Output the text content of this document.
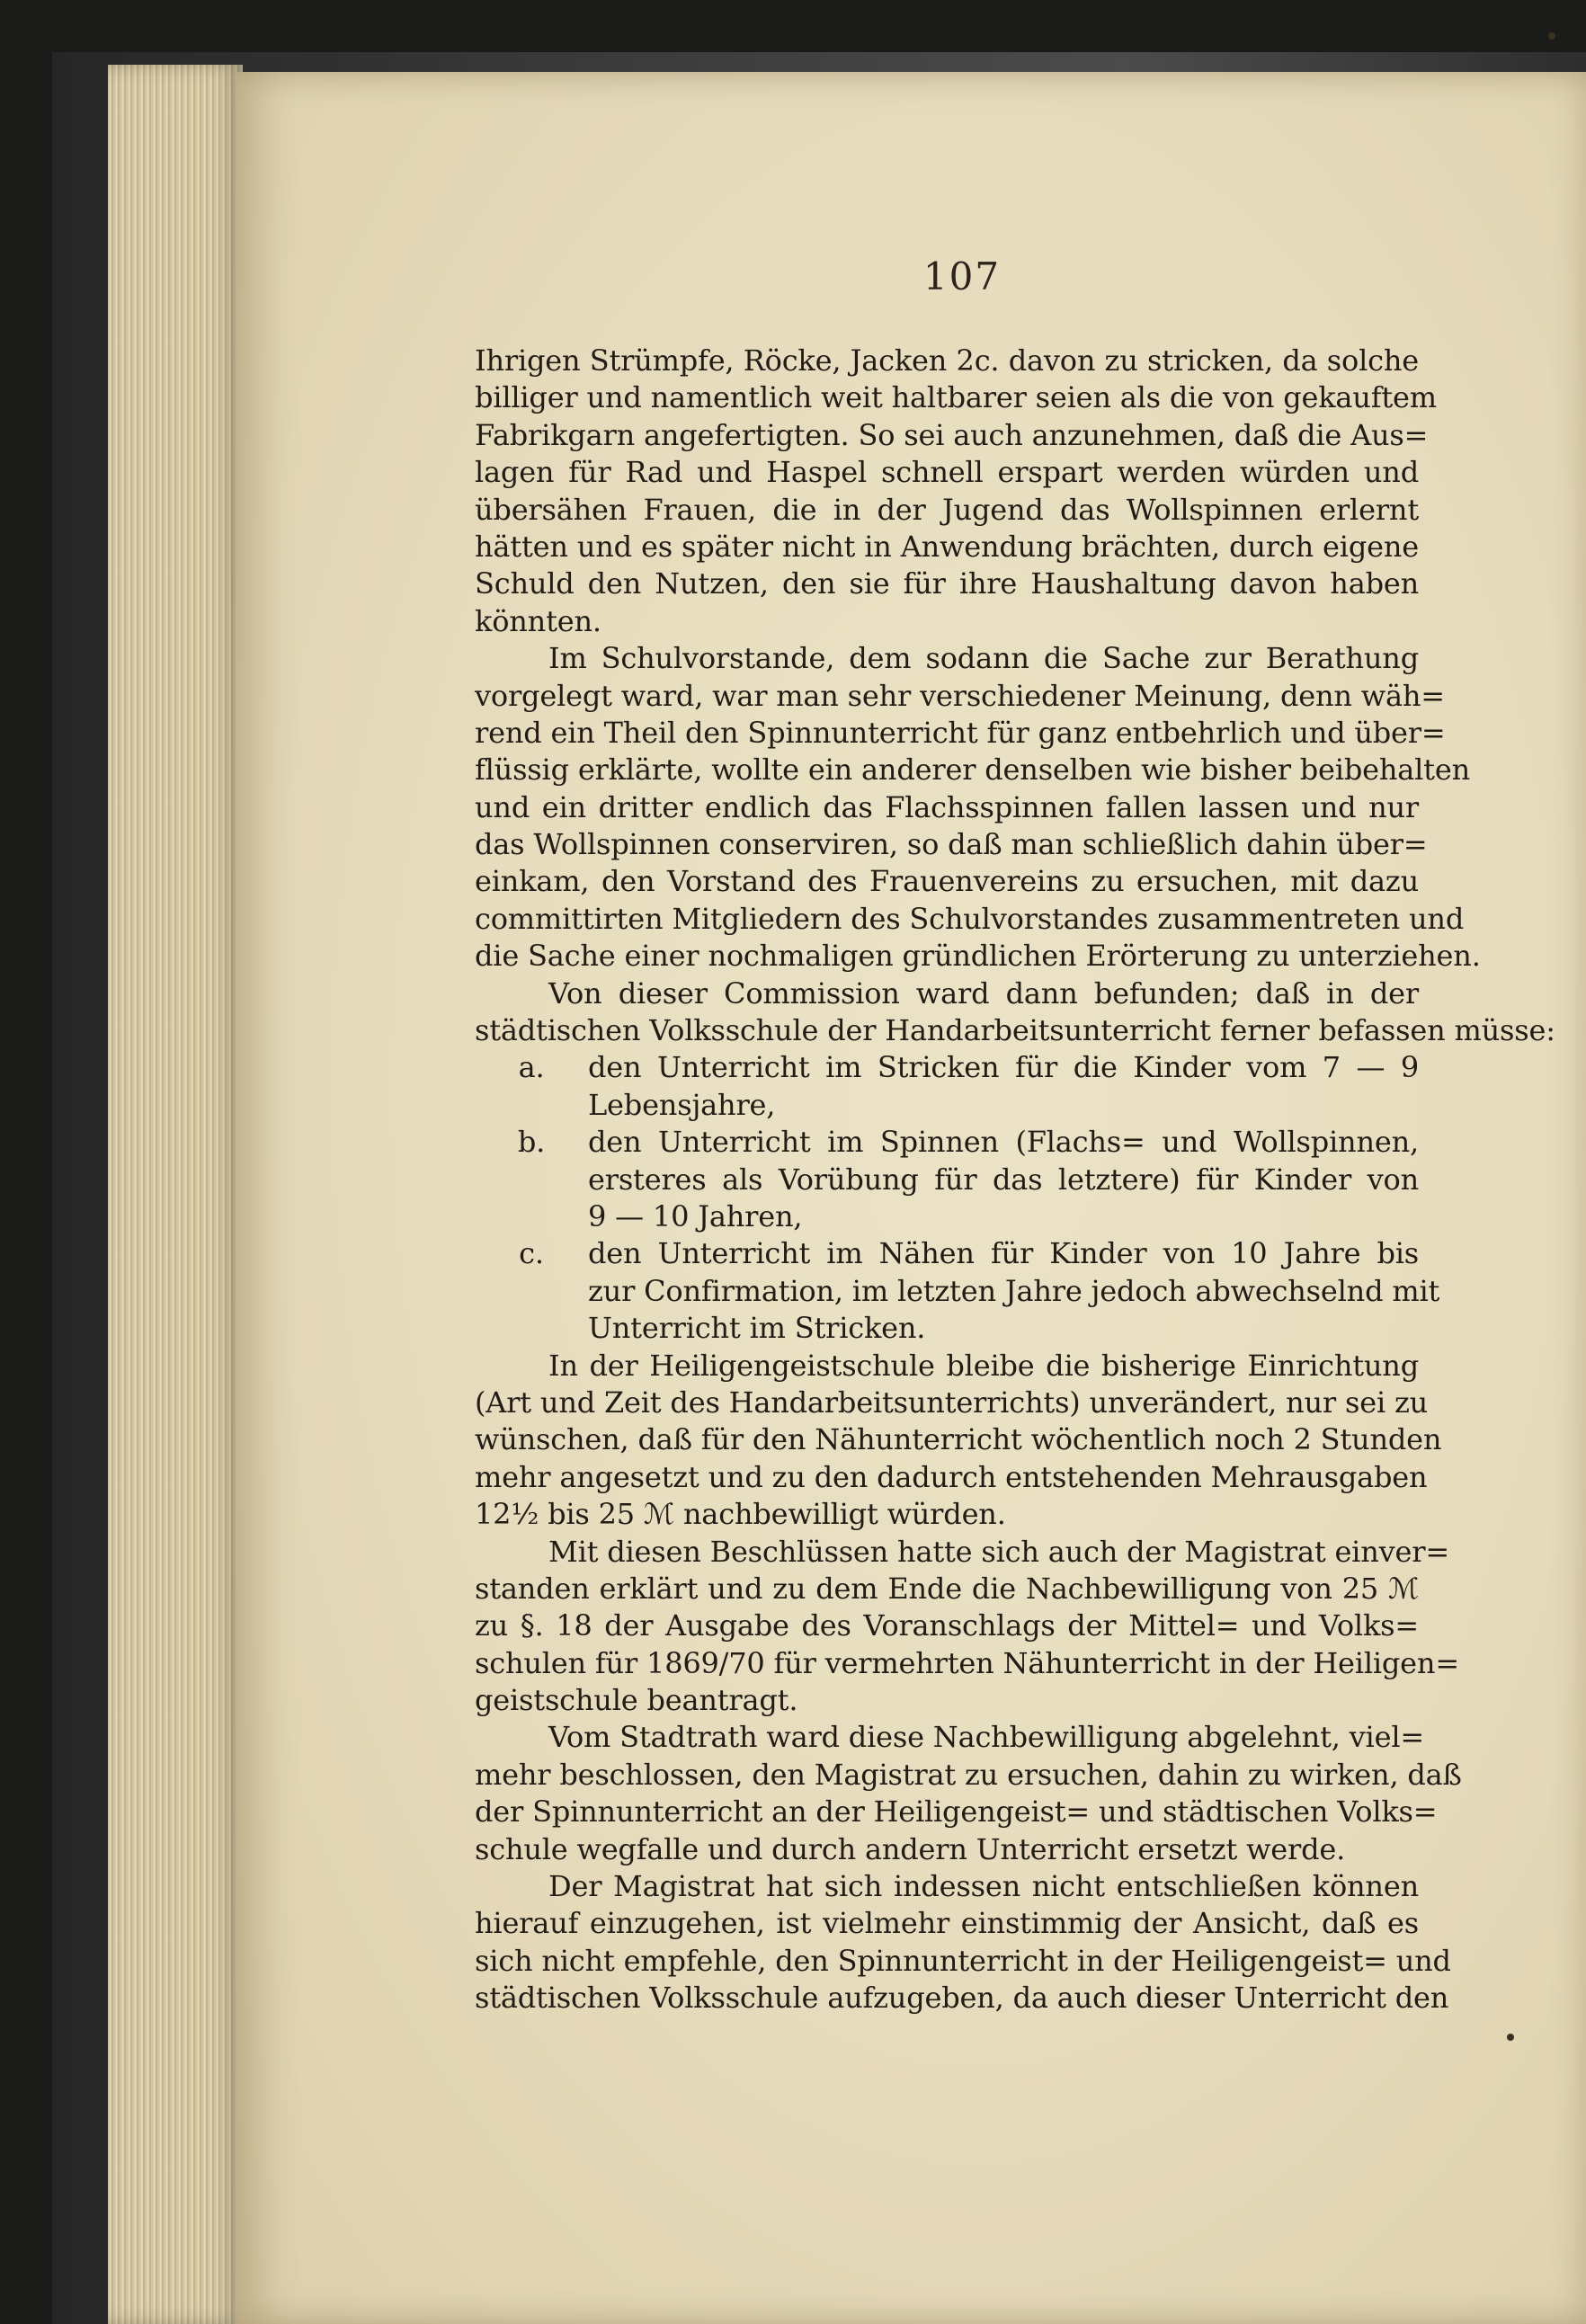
107
Ihrigen Strümpfe, Röcke, Jacken 2c. davon zu stricken, da solche
billiger und namentlich weit haltbarer seien als die von gekauftem
Fabrikgarn angefertigten. So sei auch anzunehmen, daß die Aus=
lagen für Rad und Haspel schnell erspart werden würden und
übersähen Frauen, die in der Jugend das Wollspinnen erlernt
hätten und es später nicht in Anwendung brächten, durch eigene
Schuld den Nutzen, den sie für ihre Haushaltung davon haben
könnten.
Im Schulvorstande, dem sodann die Sache zur Berathung
vorgelegt ward, war man sehr verschiedener Meinung, denn wäh=
rend ein Theil den Spinnunterricht für ganz entbehrlich und über=
flüssig erklärte, wollte ein anderer denselben wie bisher beibehalten
und ein dritter endlich das Flachsspinnen fallen lassen und nur
das Wollspinnen conserviren, so daß man schließlich dahin über=
einkam, den Vorstand des Frauenvereins zu ersuchen, mit dazu
committirten Mitgliedern des Schulvorstandes zusammentreten und
die Sache einer nochmaligen gründlichen Erörterung zu unterziehen.
Von dieser Commission ward dann befunden; daß in der
städtischen Volksschule der Handarbeitsunterricht ferner befassen müsse:
a. den Unterricht im Stricken für die Kinder vom 7 — 9
Lebensjahre,
b. den Unterricht im Spinnen (Flachs= und Wollspinnen,
ersteres als Vorübung für das letztere) für Kinder von
9 — 10 Jahren,
c. den Unterricht im Nähen für Kinder von 10 Jahre bis
zur Confirmation, im letzten Jahre jedoch abwechselnd mit
Unterricht im Stricken.
In der Heiligengeistschule bleibe die bisherige Einrichtung
(Art und Zeit des Handarbeitsunterrichts) unverändert, nur sei zu
wünschen, daß für den Nähunterricht wöchentlich noch 2 Stunden
mehr angesetzt und zu den dadurch entstehenden Mehrausgaben
12½ bis 25 ℳ nachbewilligt würden.
Mit diesen Beschlüssen hatte sich auch der Magistrat einver=
standen erklärt und zu dem Ende die Nachbewilligung von 25 ℳ
zu §. 18 der Ausgabe des Voranschlags der Mittel= und Volks=
schulen für 1869/70 für vermehrten Nähunterricht in der Heiligen=
geistschule beantragt.
Vom Stadtrath ward diese Nachbewilligung abgelehnt, viel=
mehr beschlossen, den Magistrat zu ersuchen, dahin zu wirken, daß
der Spinnunterricht an der Heiligengeist= und städtischen Volks=
schule wegfalle und durch andern Unterricht ersetzt werde.
Der Magistrat hat sich indessen nicht entschließen können
hierauf einzugehen, ist vielmehr einstimmig der Ansicht, daß es
sich nicht empfehle, den Spinnunterricht in der Heiligengeist= und
städtischen Volksschule aufzugeben, da auch dieser Unterricht den
